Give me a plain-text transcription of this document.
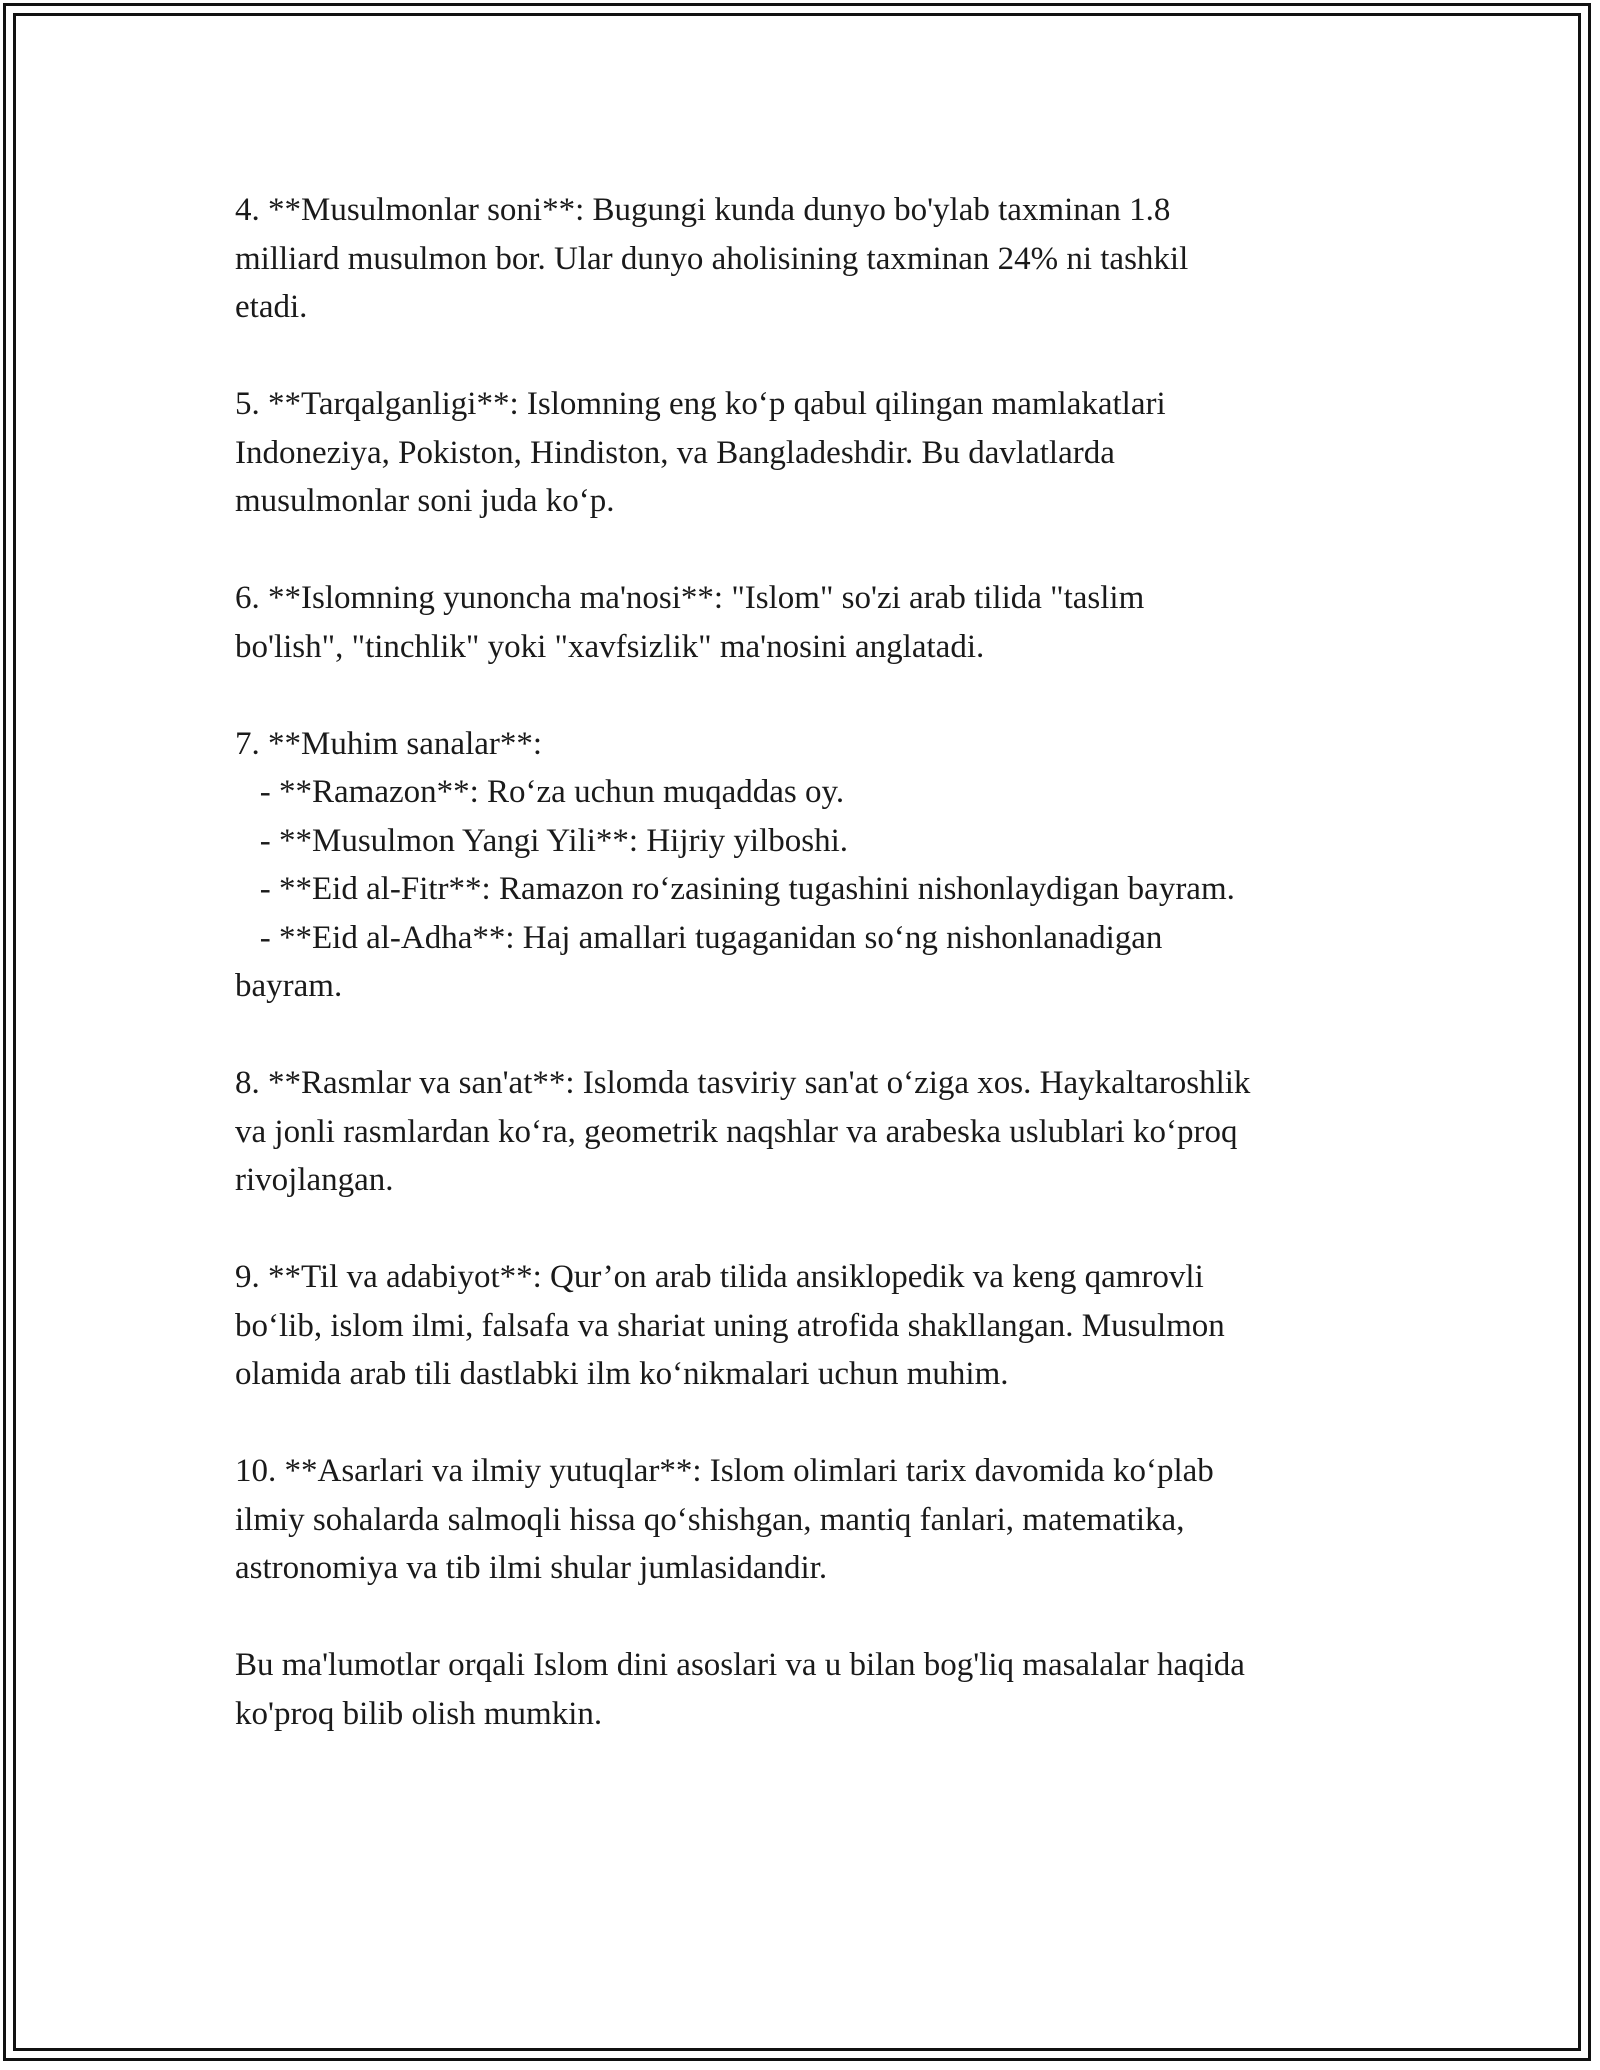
4. **Musulmonlar soni**: Bugungi kunda dunyo bo'ylab taxminan 1.8
milliard musulmon bor. Ular dunyo aholisining taxminan 24% ni tashkil
etadi.
5. **Tarqalganligi**: Islomning eng ko‘p qabul qilingan mamlakatlari
Indoneziya, Pokiston, Hindiston, va Bangladeshdir. Bu davlatlarda
musulmonlar soni juda ko‘p.
6. **Islomning yunoncha ma'nosi**: "Islom" so'zi arab tilida "taslim
bo'lish", "tinchlik" yoki "xavfsizlik" ma'nosini anglatadi.
7. **Muhim sanalar**:
- **Ramazon**: Ro‘za uchun muqaddas oy.
- **Musulmon Yangi Yili**: Hijriy yilboshi.
- **Eid al-Fitr**: Ramazon ro‘zasining tugashini nishonlaydigan bayram.
- **Eid al-Adha**: Haj amallari tugaganidan so‘ng nishonlanadigan
bayram.
8. **Rasmlar va san'at**: Islomda tasviriy san'at o‘ziga xos. Haykaltaroshlik
va jonli rasmlardan ko‘ra, geometrik naqshlar va arabeska uslublari ko‘proq
rivojlangan.
9. **Til va adabiyot**: Qur’on arab tilida ansiklopedik va keng qamrovli
bo‘lib, islom ilmi, falsafa va shariat uning atrofida shakllangan. Musulmon
olamida arab tili dastlabki ilm ko‘nikmalari uchun muhim.
10. **Asarlari va ilmiy yutuqlar**: Islom olimlari tarix davomida ko‘plab
ilmiy sohalarda salmoqli hissa qo‘shishgan, mantiq fanlari, matematika,
astronomiya va tib ilmi shular jumlasidandir.
Bu ma'lumotlar orqali Islom dini asoslari va u bilan bog'liq masalalar haqida
ko'proq bilib olish mumkin.
